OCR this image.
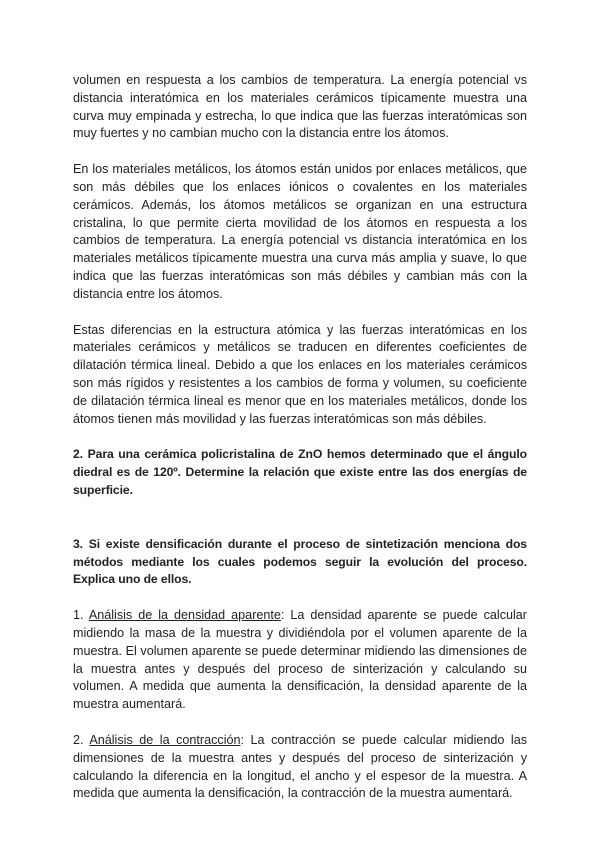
volumen en respuesta a los cambios de temperatura. La energía potencial vs distancia interatómica en los materiales cerámicos típicamente muestra una curva muy empinada y estrecha, lo que indica que las fuerzas interatómicas son muy fuertes y no cambian mucho con la distancia entre los átomos.

En los materiales metálicos, los átomos están unidos por enlaces metálicos, que son más débiles que los enlaces iónicos o covalentes en los materiales cerámicos. Además, los átomos metálicos se organizan en una estructura cristalina, lo que permite cierta movilidad de los átomos en respuesta a los cambios de temperatura. La energía potencial vs distancia interatómica en los materiales metálicos típicamente muestra una curva más amplia y suave, lo que indica que las fuerzas interatómicas son más débiles y cambian más con la distancia entre los átomos.

Estas diferencias en la estructura atómica y las fuerzas interatómicas en los materiales cerámicos y metálicos se traducen en diferentes coeficientes de dilatación térmica lineal. Debido a que los enlaces en los materiales cerámicos son más rígidos y resistentes a los cambios de forma y volumen, su coeficiente de dilatación térmica lineal es menor que en los materiales metálicos, donde los átomos tienen más movilidad y las fuerzas interatómicas son más débiles.

2. Para una cerámica policristalina de ZnO hemos determinado que el ángulo diedral es de 120º. Determine la relación que existe entre las dos energías de superficie.

3. Si existe densificación durante el proceso de sintetización menciona dos métodos mediante los cuales podemos seguir la evolución del proceso. Explica uno de ellos.

1. Análisis de la densidad aparente: La densidad aparente se puede calcular midiendo la masa de la muestra y dividiéndola por el volumen aparente de la muestra. El volumen aparente se puede determinar midiendo las dimensiones de la muestra antes y después del proceso de sinterización y calculando su volumen. A medida que aumenta la densificación, la densidad aparente de la muestra aumentará.

2. Análisis de la contracción: La contracción se puede calcular midiendo las dimensiones de la muestra antes y después del proceso de sinterización y calculando la diferencia en la longitud, el ancho y el espesor de la muestra. A medida que aumenta la densificación, la contracción de la muestra aumentará.
